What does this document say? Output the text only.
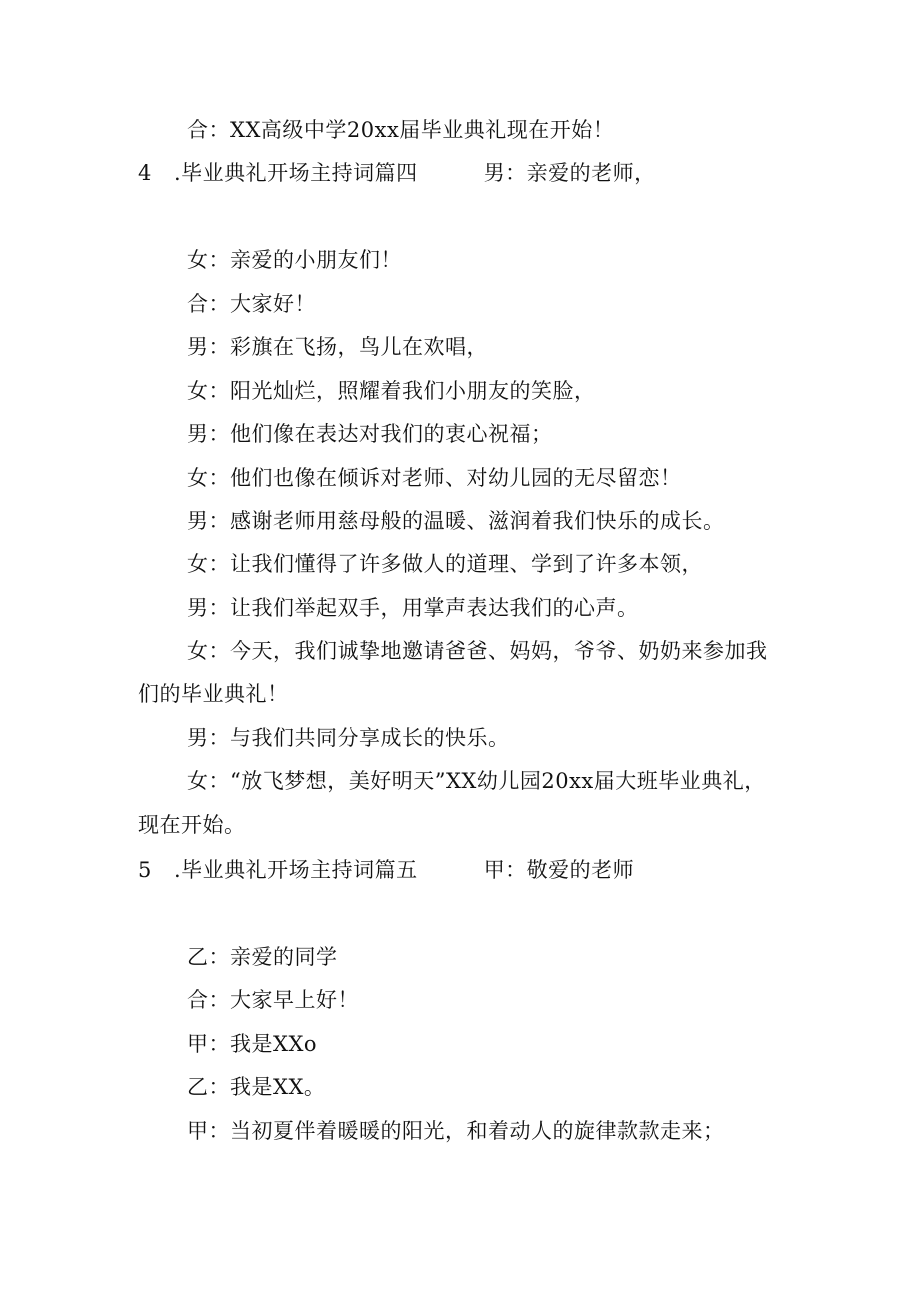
合：XX高级中学20xx届毕业典礼现在开始！
4 .毕业典礼开场主持词篇四	男：亲爱的老师，
女：亲爱的小朋友们！
合：大家好！
男：彩旗在飞扬，鸟儿在欢唱，
女：阳光灿烂，照耀着我们小朋友的笑脸，
男：他们像在表达对我们的衷心祝福；
女：他们也像在倾诉对老师、对幼儿园的无尽留恋！
男：感谢老师用慈母般的温暖、滋润着我们快乐的成长。
女：让我们懂得了许多做人的道理、学到了许多本领，
男：让我们举起双手，用掌声表达我们的心声。
女：今天，我们诚挚地邀请爸爸、妈妈，爷爷、奶奶来参加我
们的毕业典礼！
男：与我们共同分享成长的快乐。
女：“放飞梦想，美好明天”XX幼儿园20xx届大班毕业典礼，
现在开始。
5 .毕业典礼开场主持词篇五	甲：敬爱的老师
乙：亲爱的同学
合：大家早上好！
甲：我是XXo
乙：我是XX。
甲：当初夏伴着暖暖的阳光，和着动人的旋律款款走来；
